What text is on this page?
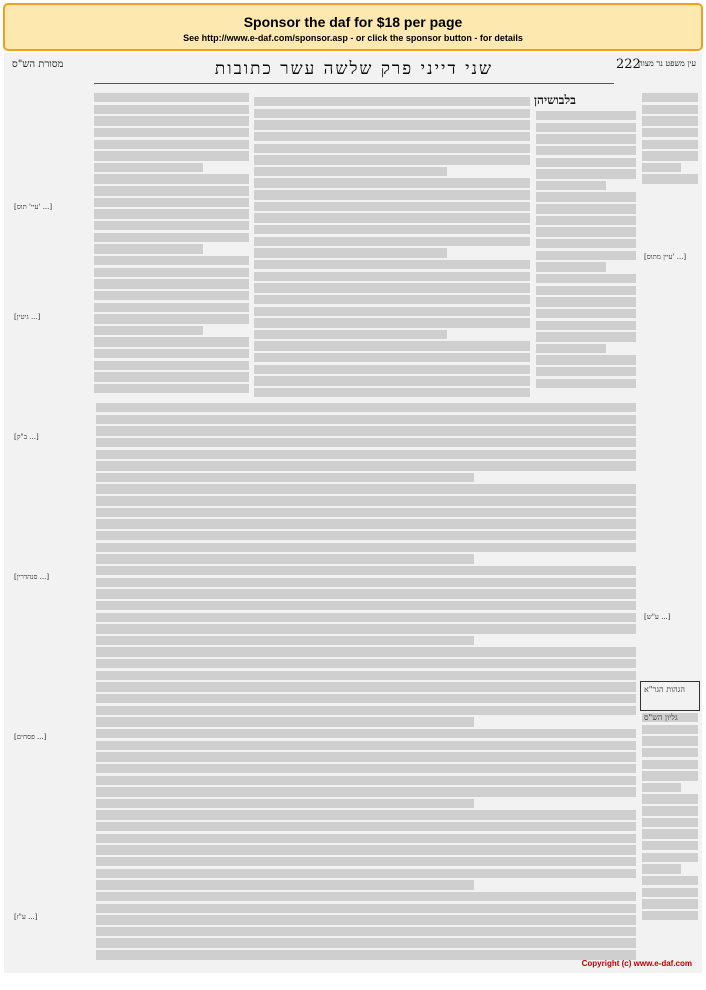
Sponsor the daf for $18 per page
See http://www.e-daf.com/sponsor.asp - or click the sponsor button - for details
מסורת הש"ס	שני דייני פרק שלשה עשר כתובות	222
עין משפט נר מצוה
בלבושיהן
הגהות הגר"א
גליון הש"ס
[עיי' תוס' ...]
[גיטין ...]
[ב"ק ...]
[סנהדרין ...]
[פסחים ...]
[ע"ז ...]
[עיין מתוס' ...]
[ע"ש ...]
Copyright (c) www.e-daf.com
